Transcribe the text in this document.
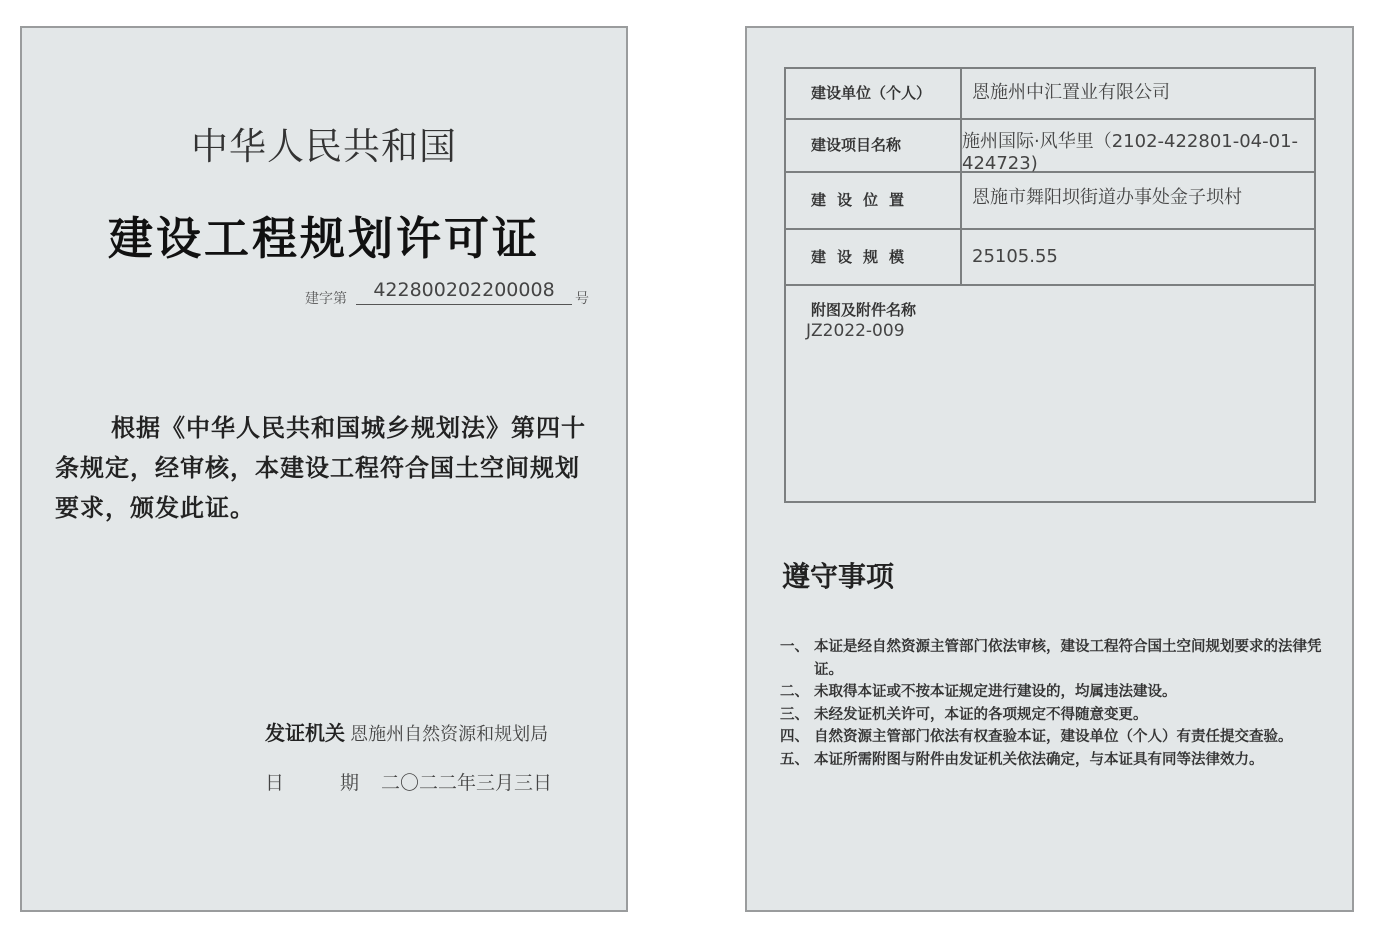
中华人民共和国
建设工程规划许可证
建字第	422800202200008	号
根据《中华人民共和国城乡规划法》第四十条规定，经审核，本建设工程符合国土空间规划要求，颁发此证。
发证机关 恩施州自然资源和规划局
日期 二〇二二年三月三日
建设单位（个人）	恩施州中汇置业有限公司
建设项目名称	施州国际·风华里（2102-422801-04-01-424723)
建设位置	恩施市舞阳坝街道办事处金子坝村
建设规模	25105.55
附图及附件名称
JZ2022-009
遵守事项
一、 本证是经自然资源主管部门依法审核，建设工程符合国土空间规划要求的法律凭证。
二、 未取得本证或不按本证规定进行建设的，均属违法建设。
三、 未经发证机关许可，本证的各项规定不得随意变更。
四、 自然资源主管部门依法有权查验本证，建设单位（个人）有责任提交查验。
五、 本证所需附图与附件由发证机关依法确定，与本证具有同等法律效力。
